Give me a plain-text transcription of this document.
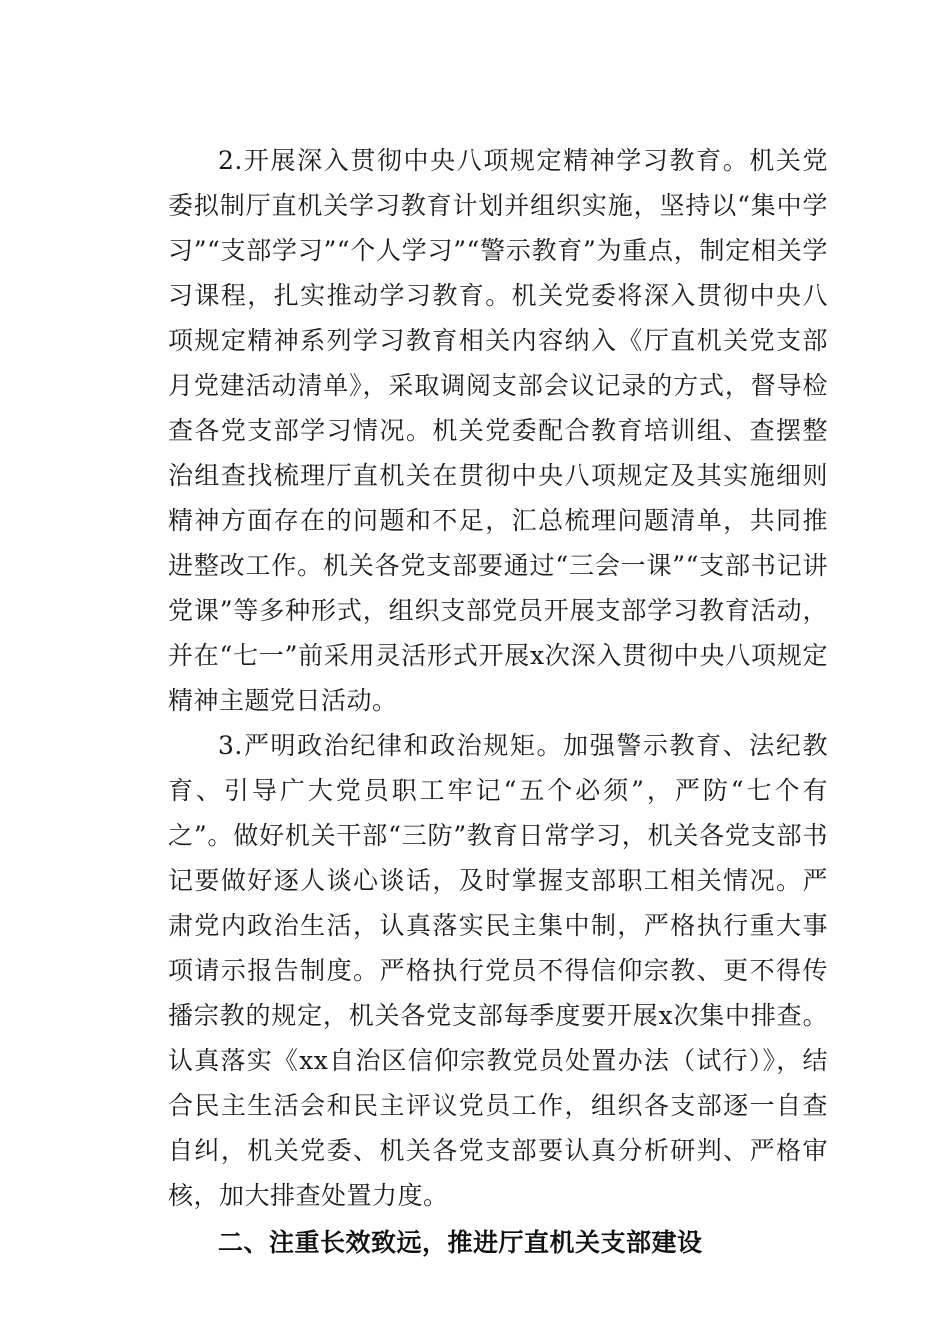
2.开展深入贯彻中央八项规定精神学习教育。机关党委拟制厅直机关学习教育计划并组织实施，坚持以“集中学习”“支部学习”“个人学习”“警示教育”为重点，制定相关学习课程，扎实推动学习教育。机关党委将深入贯彻中央八项规定精神系列学习教育相关内容纳入《厅直机关党支部月党建活动清单》，采取调阅支部会议记录的方式，督导检查各党支部学习情况。机关党委配合教育培训组、查摆整治组查找梳理厅直机关在贯彻中央八项规定及其实施细则精神方面存在的问题和不足，汇总梳理问题清单，共同推进整改工作。机关各党支部要通过“三会一课”“支部书记讲党课”等多种形式，组织支部党员开展支部学习教育活动，并在“七一”前采用灵活形式开展x次深入贯彻中央八项规定精神主题党日活动。

3.严明政治纪律和政治规矩。加强警示教育、法纪教育、引导广大党员职工牢记“五个必须”，严防“七个有之”。做好机关干部“三防”教育日常学习，机关各党支部书记要做好逐人谈心谈话，及时掌握支部职工相关情况。严肃党内政治生活，认真落实民主集中制，严格执行重大事项请示报告制度。严格执行党员不得信仰宗教、更不得传播宗教的规定，机关各党支部每季度要开展x次集中排查。认真落实《xx自治区信仰宗教党员处置办法（试行）》，结合民主生活会和民主评议党员工作，组织各支部逐一自查自纠，机关党委、机关各党支部要认真分析研判、严格审核，加大排查处置力度。

二、注重长效致远，推进厅直机关支部建设
